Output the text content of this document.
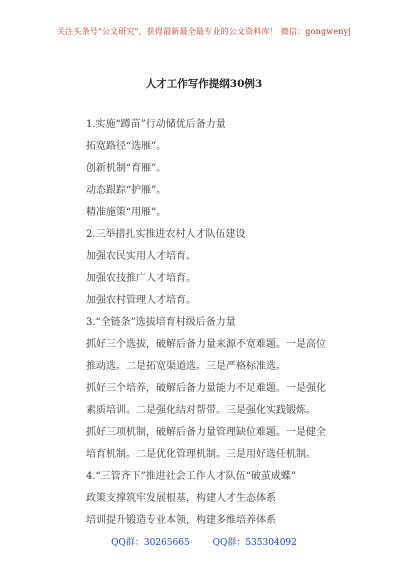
关注头条号"公文研究"，获得最新最全最专业的公文资料库！ 微信：gongwenyj
人才工作写作提纲30例3
1.实施“蹲苗”行动储优后备力量
拓宽路径“选雁”。
创新机制“育雁”。
动态跟踪“护雁”。
精准施策“用雁”。
2.三举措扎实推进农村人才队伍建设
加强农民实用人才培育。
加强农技推广人才培育。
加强农村管理人才培育。
3.“全链条”选拔培育村级后备力量
抓好三个选拔，破解后备力量来源不宽难题。一是高位
推动选。二是拓宽渠道选。三是严格标准选。
抓好三个培养，破解后备力量能力不足难题。一是强化
素质培训。二是强化结对帮带。三是强化实践锻炼。
抓好三项机制，破解后备力量管理缺位难题。一是健全
培育机制。二是优化管理机制。三是用好选任机制。
4.“三管齐下”推进社会工作人才队伍“破茧成蝶”
政策支撑筑牢发展根基，构建人才生态体系
培训提升锻造专业本领，构建多维培养体系
QQ群：30265665	QQ群：535304092
